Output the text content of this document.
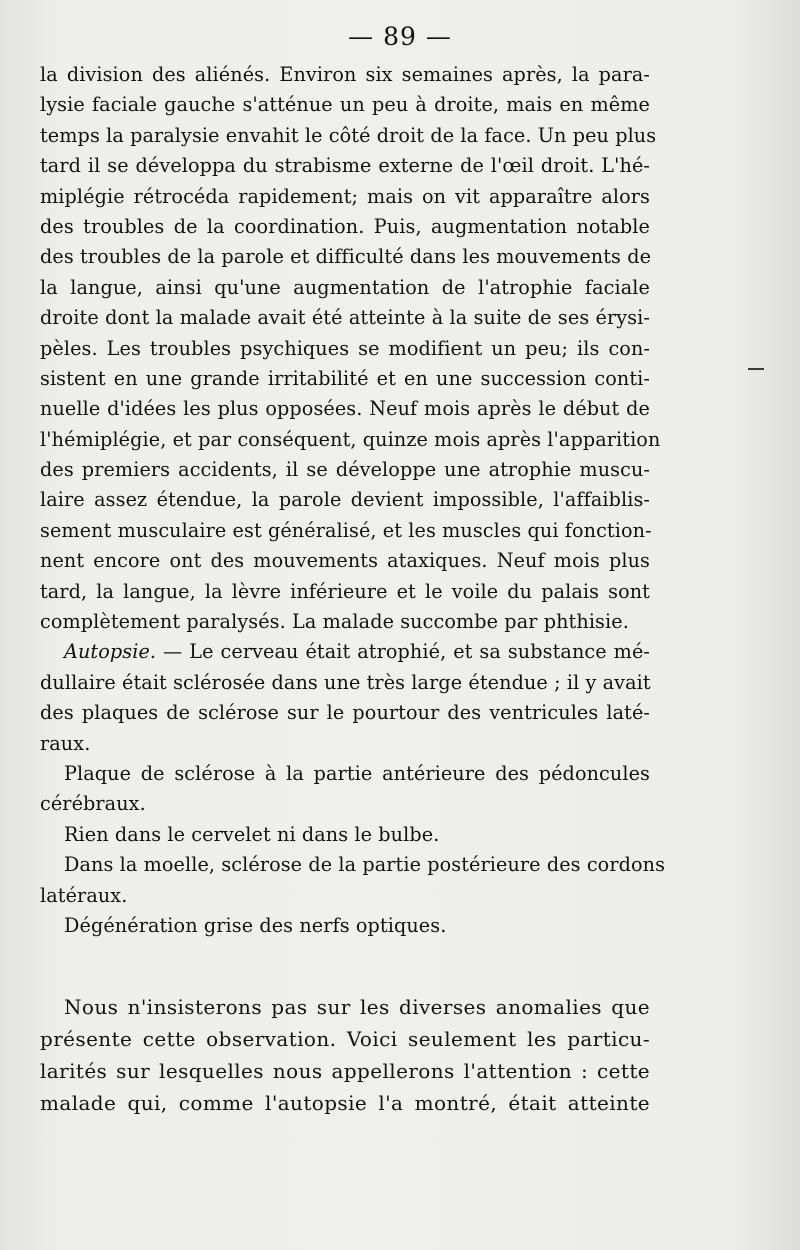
— 89 —
la division des aliénés. Environ six semaines après, la para-
lysie faciale gauche s'atténue un peu à droite, mais en même
temps la paralysie envahit le côté droit de la face. Un peu plus
tard il se développa du strabisme externe de l'œil droit. L'hé-
miplégie rétrocéda rapidement; mais on vit apparaître alors
des troubles de la coordination. Puis, augmentation notable
des troubles de la parole et difficulté dans les mouvements de
la langue, ainsi qu'une augmentation de l'atrophie faciale
droite dont la malade avait été atteinte à la suite de ses érysi-
pèles. Les troubles psychiques se modifient un peu; ils con-
sistent en une grande irritabilité et en une succession conti-
nuelle d'idées les plus opposées. Neuf mois après le début de
l'hémiplégie, et par conséquent, quinze mois après l'apparition
des premiers accidents, il se développe une atrophie muscu-
laire assez étendue, la parole devient impossible, l'affaiblis-
sement musculaire est généralisé, et les muscles qui fonction-
nent encore ont des mouvements ataxiques. Neuf mois plus
tard, la langue, la lèvre inférieure et le voile du palais sont
complètement paralysés. La malade succombe par phthisie.
Autopsie. — Le cerveau était atrophié, et sa substance mé-
dullaire était sclérosée dans une très large étendue ; il y avait
des plaques de sclérose sur le pourtour des ventricules laté-
raux.
Plaque de sclérose à la partie antérieure des pédoncules
cérébraux.
Rien dans le cervelet ni dans le bulbe.
Dans la moelle, sclérose de la partie postérieure des cordons
latéraux.
Dégénération grise des nerfs optiques.
Nous n'insisterons pas sur les diverses anomalies que
présente cette observation. Voici seulement les particu-
larités sur lesquelles nous appellerons l'attention : cette
malade qui, comme l'autopsie l'a montré, était atteinte
